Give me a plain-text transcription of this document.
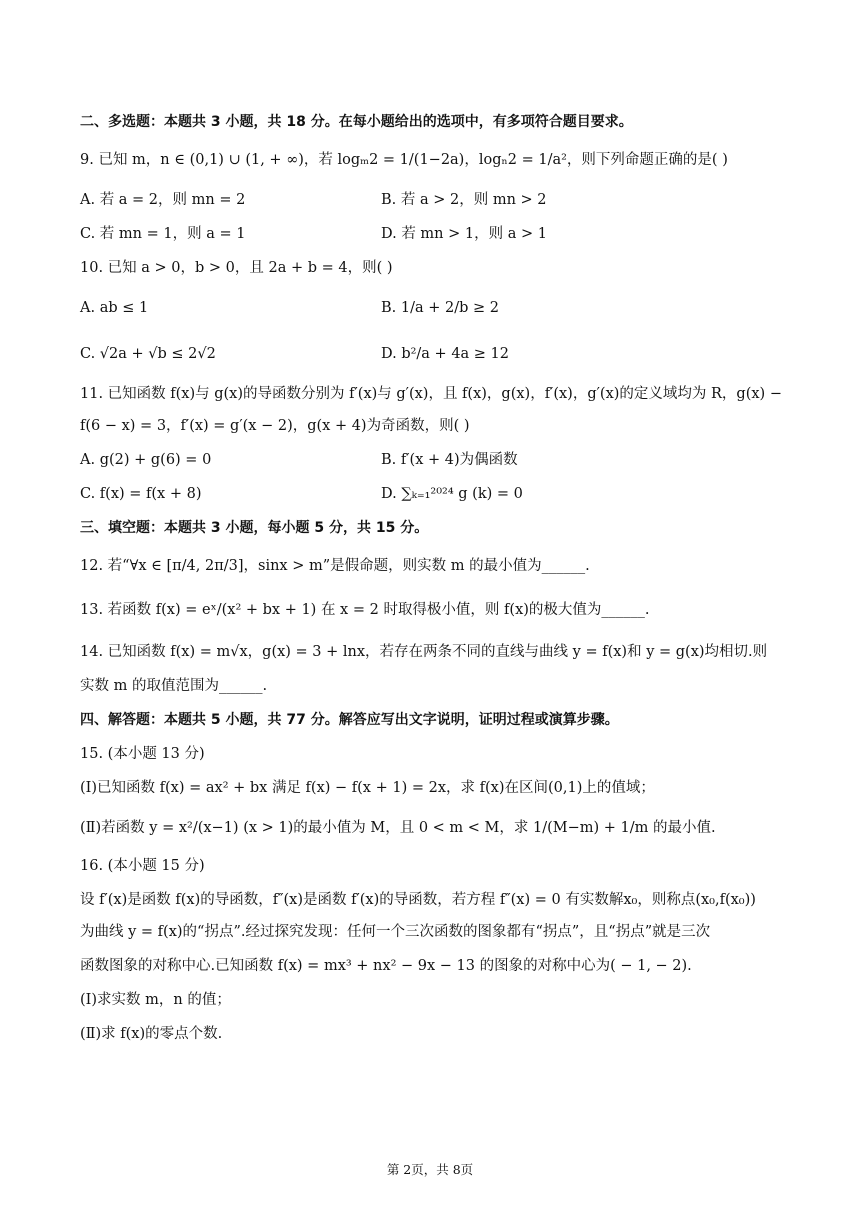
二、多选题：本题共 3 小题，共 18 分。在每小题给出的选项中，有多项符合题目要求。
9. 已知 m，n ∈ (0,1) ∪ (1, + ∞)，若 logₘ2 = 1/(1−2a)，logₙ2 = 1/a²，则下列命题正确的是( )
A. 若 a = 2，则 mn = 2	B. 若 a > 2，则 mn > 2
C. 若 mn = 1，则 a = 1	D. 若 mn > 1，则 a > 1
10. 已知 a > 0，b > 0，且 2a + b = 4，则( )
A. ab ≤ 1	B. 1/a + 2/b ≥ 2
C. √2a + √b ≤ 2√2	D. b²/a + 4a ≥ 12
11. 已知函数 f(x)与 g(x)的导函数分别为 f′(x)与 g′(x)，且 f(x)，g(x)，f′(x)，g′(x)的定义域均为 R，g(x) −
f(6 − x) = 3，f′(x) = g′(x − 2)，g(x + 4)为奇函数，则( )
A. g(2) + g(6) = 0	B. f′(x + 4)为偶函数
C. f(x) = f(x + 8)	D. ∑ₖ₌₁²⁰²⁴ g (k) = 0
三、填空题：本题共 3 小题，每小题 5 分，共 15 分。
12. 若“∀x ∈ [π/4, 2π/3]，sinx > m”是假命题，则实数 m 的最小值为______.
13. 若函数 f(x) = eˣ/(x² + bx + 1) 在 x = 2 时取得极小值，则 f(x)的极大值为______.
14. 已知函数 f(x) = m√x，g(x) = 3 + lnx，若存在两条不同的直线与曲线 y = f(x)和 y = g(x)均相切.则
实数 m 的取值范围为______.
四、解答题：本题共 5 小题，共 77 分。解答应写出文字说明，证明过程或演算步骤。
15. (本小题 13 分)
(Ⅰ)已知函数 f(x) = ax² + bx 满足 f(x) − f(x + 1) = 2x，求 f(x)在区间(0,1)上的值域；
(Ⅱ)若函数 y = x²/(x−1) (x > 1)的最小值为 M，且 0 < m < M，求 1/(M−m) + 1/m 的最小值.
16. (本小题 15 分)
设 f′(x)是函数 f(x)的导函数，f″(x)是函数 f′(x)的导函数，若方程 f″(x) = 0 有实数解x₀，则称点(x₀,f(x₀))
为曲线 y = f(x)的“拐点”.经过探究发现：任何一个三次函数的图象都有“拐点”，且“拐点”就是三次
函数图象的对称中心.已知函数 f(x) = mx³ + nx² − 9x − 13 的图象的对称中心为( − 1, − 2).
(Ⅰ)求实数 m，n 的值；
(Ⅱ)求 f(x)的零点个数.
第 2页，共 8页
